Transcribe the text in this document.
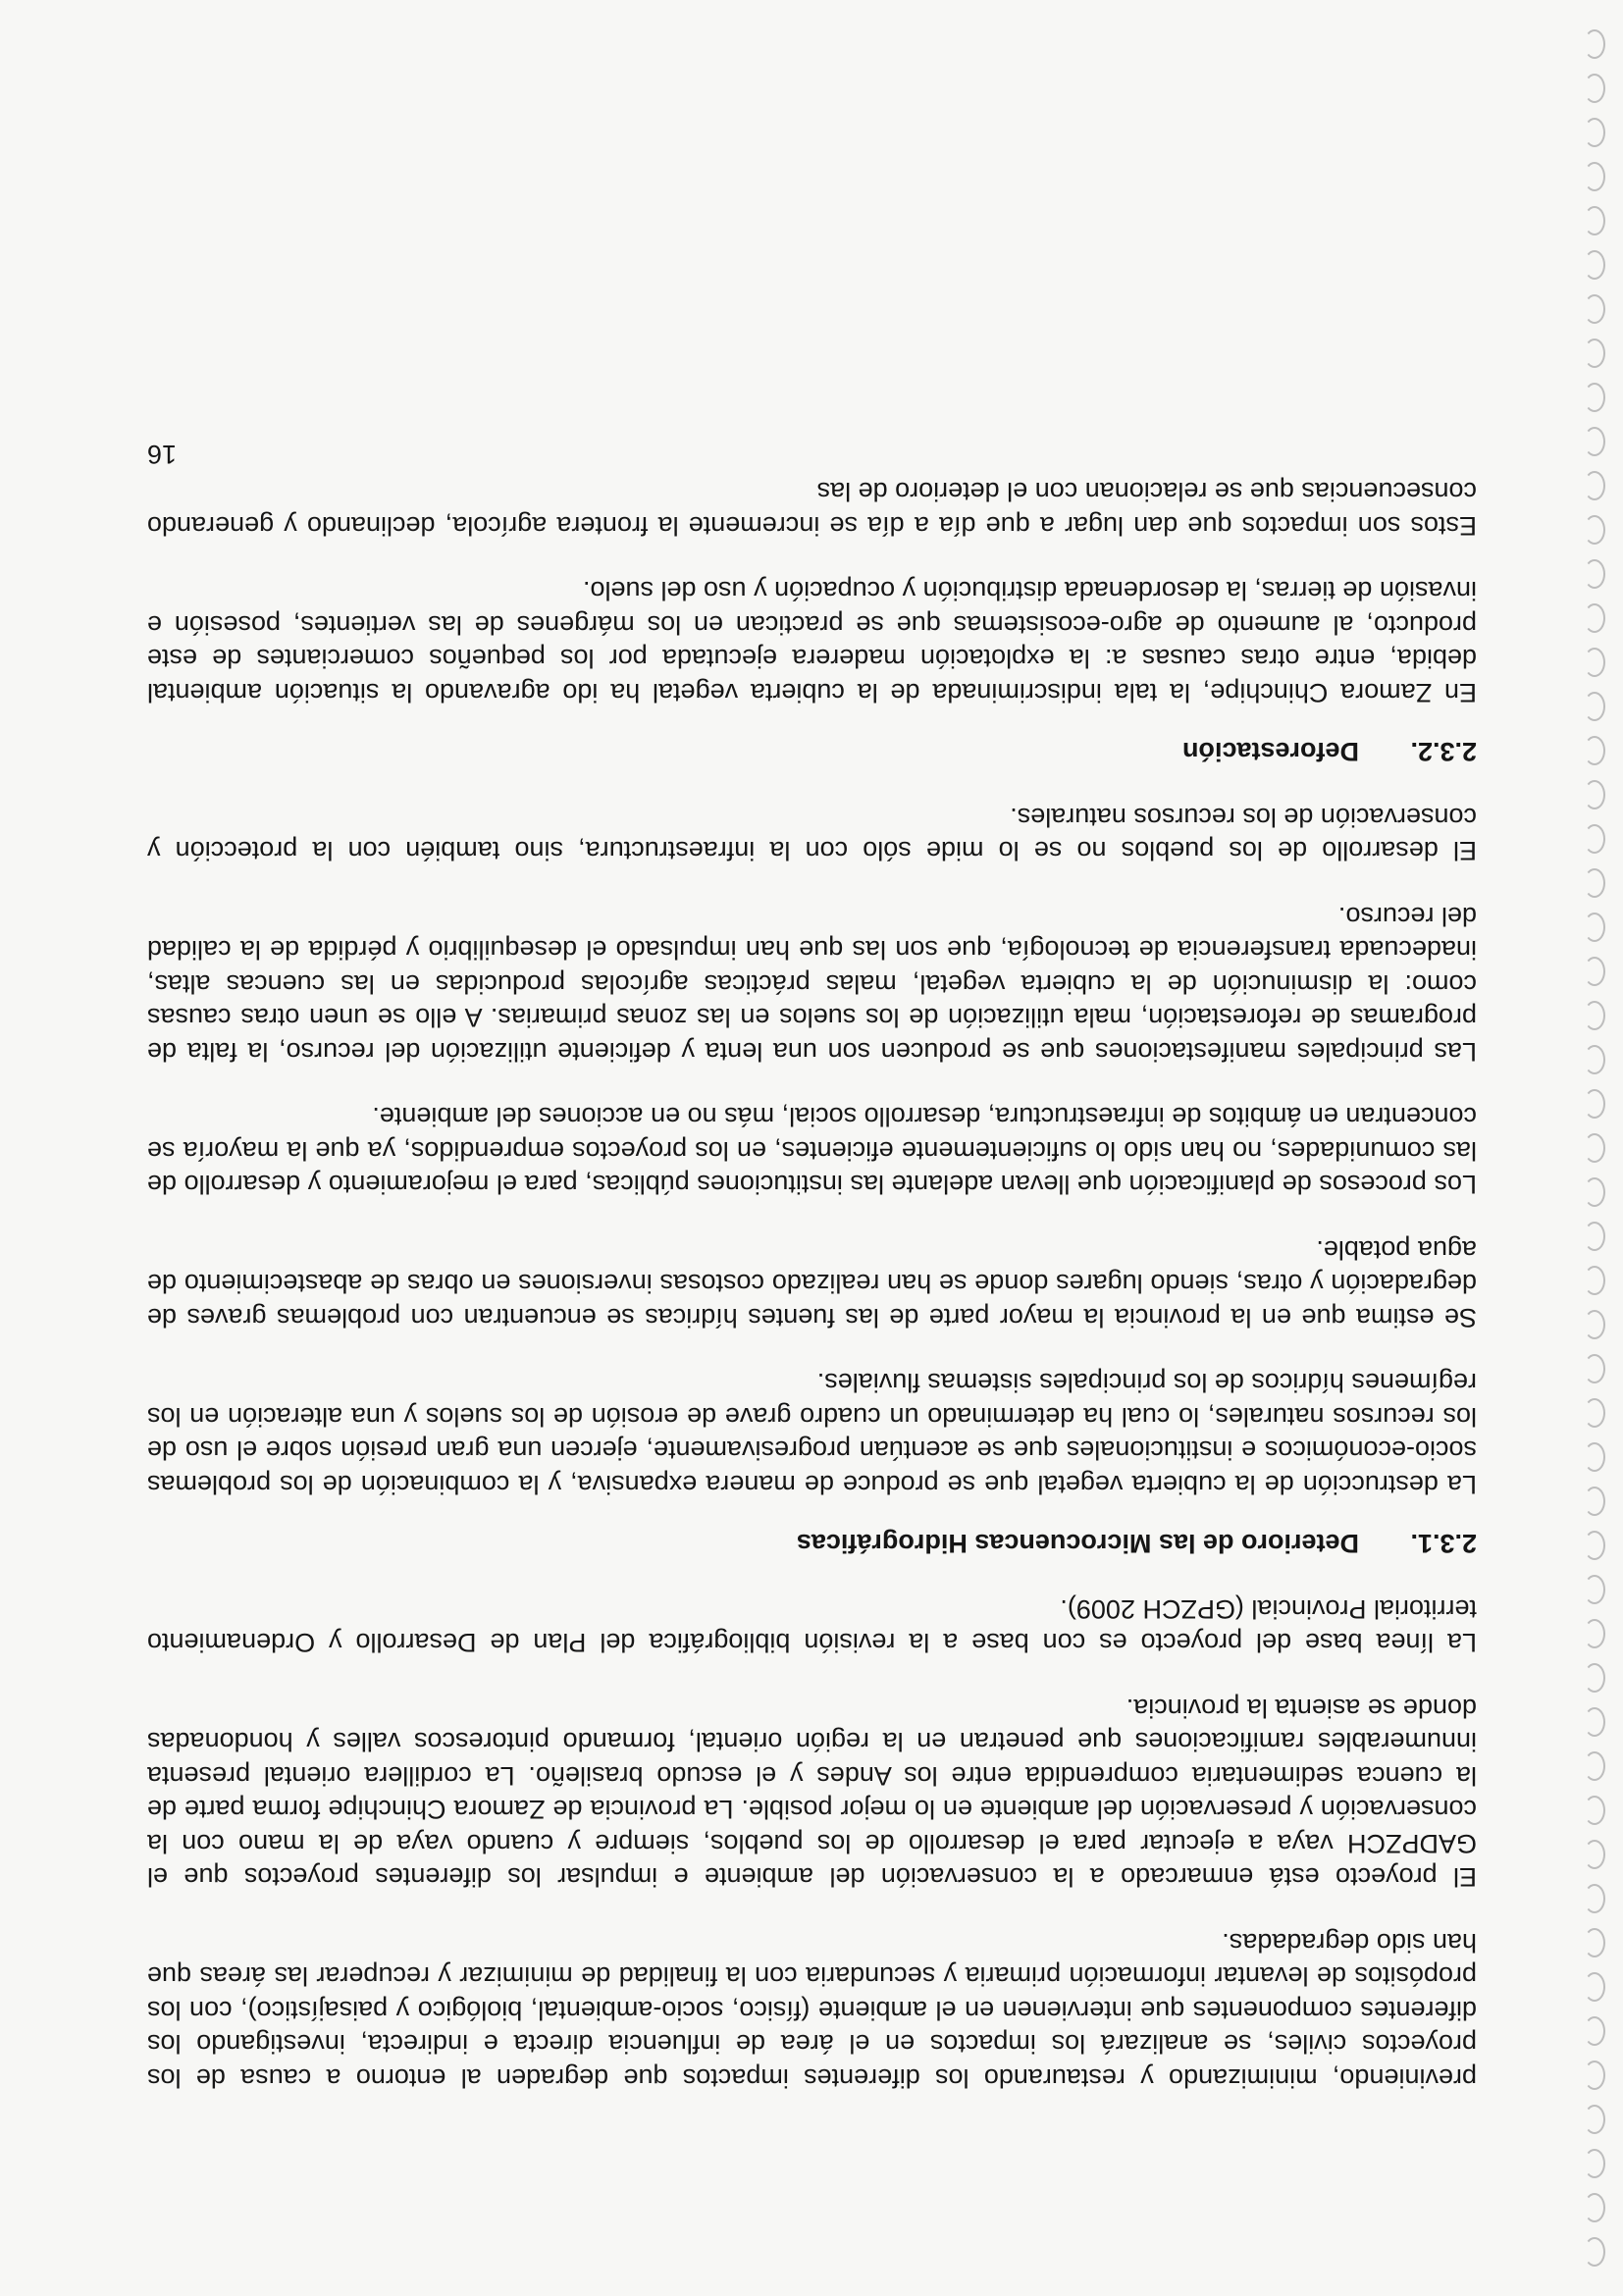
previniendo, minimizando y restaurando los diferentes impactos que degraden al entorno a causa de los proyectos civiles, se analizará los impactos en el área de influencia directa e indirecta, investigando los diferentes componentes que intervienen en el ambiente (físico, socio-ambiental, biológico y paisajístico), con los propósitos de levantar información primaria y secundaria con la finalidad de minimizar y recuperar las áreas que han sido degradadas.

El proyecto está enmarcado a la conservación del ambiente e impulsar los diferentes proyectos que el GADPZCH vaya a ejecutar para el desarrollo de los pueblos, siempre y cuando vaya de la mano con la conservación y preservación del ambiente en lo mejor posible. La provincia de Zamora Chinchipe forma parte de la cuenca sedimentaria comprendida entre los Andes y el escudo brasileño. La cordillera oriental presenta innumerables ramificaciones que penetran en la región oriental, formando pintorescos valles y hondonadas donde se asienta la provincia.

La línea base del proyecto es con base a la revisión bibliográfica del Plan de Desarrollo y Ordenamiento territorial Provincial (GPZCH 2009).

2.3.1.Deterioro de las Microcuencas Hidrográficas

La destrucción de la cubierta vegetal que se produce de manera expansiva, y la combinación de los problemas socio-económicos e institucionales que se acentúan progresivamente, ejercen una gran presión sobre el uso de los recursos naturales, lo cual ha determinado un cuadro grave de erosión de los suelos y una alteración en los regímenes hídricos de los principales sistemas fluviales.

Se estima que en la provincia la mayor parte de las fuentes hídricas se encuentran con problemas graves de degradación y otras, siendo lugares donde se han realizado costosas inversiones en obras de abastecimiento de agua potable.

Los procesos de planificación que llevan adelante las instituciones públicas, para el mejoramiento y desarrollo de las comunidades, no han sido lo suficientemente eficientes, en los proyectos emprendidos, ya que la mayoría se concentran en ámbitos de infraestructura, desarrollo social, más no en acciones del ambiente.

Las principales manifestaciones que se producen son una lenta y deficiente utilización del recurso, la falta de programas de reforestación, mala utilización de los suelos en las zonas primarias. A ello se unen otras causas como: la disminución de la cubierta vegetal, malas prácticas agrícolas producidas en las cuencas altas, inadecuada transferencia de tecnología, que son las que han impulsado el desequilibrio y pérdida de la calidad del recurso.

El desarrollo de los pueblos no se lo mide sólo con la infraestructura, sino también con la protección y conservación de los recursos naturales.

2.3.2.Deforestación

En Zamora Chinchipe, la tala indiscriminada de la cubierta vegetal ha ido agravando la situación ambiental debida, entre otras causas a: la explotación maderera ejecutada por los pequeños comerciantes de este producto, al aumento de agro-ecosistemas que se practican en los márgenes de las vertientes, posesión e invasión de tierras, la desordenada distribución y ocupación y uso del suelo.

Estos son impactos que dan lugar a que día a día se incremente la frontera agrícola, declinando y generando consecuencias que se relacionan con el deterioro de las

16
